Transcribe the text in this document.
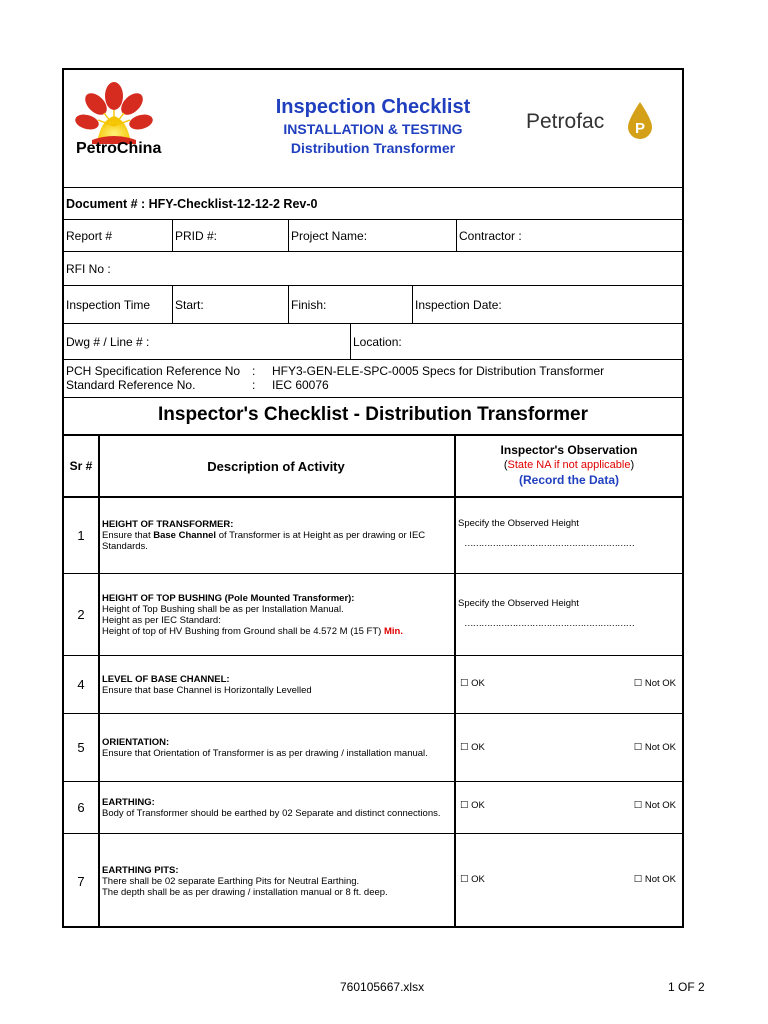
PetroChina
Inspection Checklist
INSTALLATION & TESTING
Distribution Transformer
Petrofac P
Document # : HFY-Checklist-12-12-2 Rev-0
Report #	PRID #:	Project Name:	Contractor :
RFI No :
Inspection Time	Start:	Finish:	Inspection Date:
Dwg # / Line # :	Location:
PCH Specification Reference No : HFY3-GEN-ELE-SPC-0005 Specs for Distribution Transformer
Standard Reference No.	: IEC 60076
Inspector's Checklist - Distribution Transformer
Sr #	Description of Activity
Inspector's Observation
(State NA if not applicable)
(Record the Data)
1
HEIGHT OF TRANSFORMER:
Ensure that Base Channel of Transformer is at Height as per drawing or IEC Standards.
Specify the Observed Height
……………………………………………………
2
HEIGHT OF TOP BUSHING (Pole Mounted Transformer):
Height of Top Bushing shall be as per Installation Manual.
Height as per IEC Standard:
Height of top of HV Bushing from Ground shall be 4.572 M (15 FT) Min.
Specify the Observed Height
……………………………………………………
4	LEVEL OF BASE CHANNEL:
Ensure that base Channel is Horizontally Levelled
☐ OK	☐ Not OK
5	ORIENTATION:
Ensure that Orientation of Transformer is as per drawing / installation manual.	☐ OK	☐ Not OK
6	EARTHING:
Body of Transformer should be earthed by 02 Separate and distinct connections.
☐ OK	☐ Not OK
7
EARTHING PITS:
There shall be 02 separate Earthing Pits for Neutral Earthing.
The depth shall be as per drawing / installation manual or 8 ft. deep.
☐ OK	☐ Not OK
760105667.xlsx	1 OF 2
